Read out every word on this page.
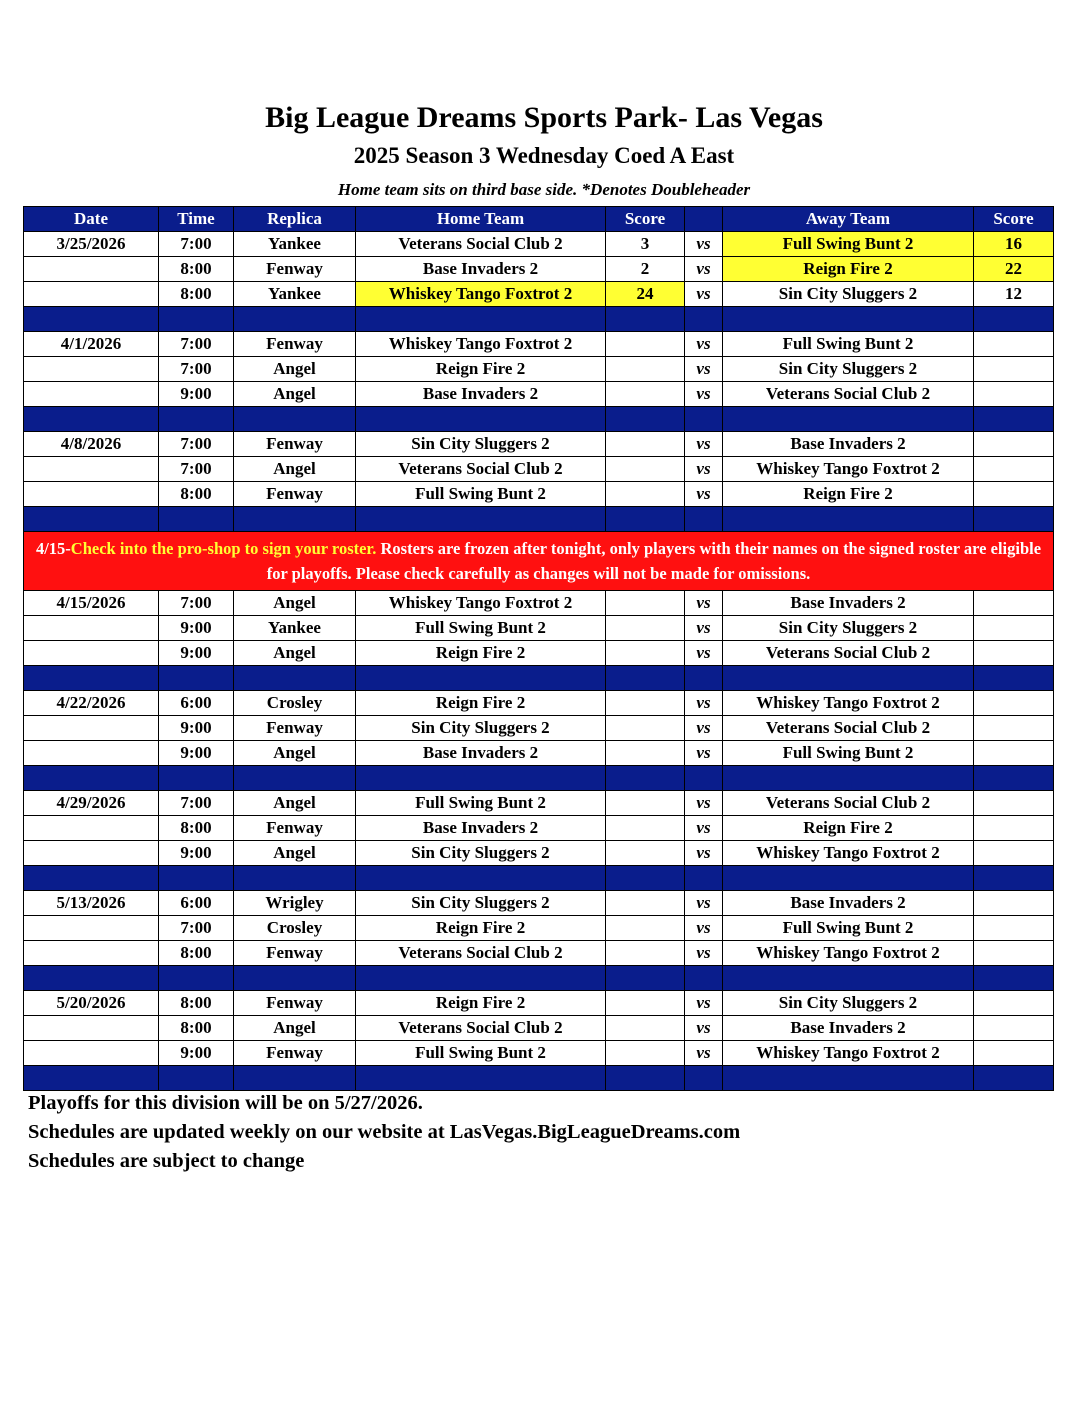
Big League Dreams Sports Park- Las Vegas
2025 Season 3 Wednesday Coed A East
Home team sits on third base side. *Denotes Doubleheader
Date	Time	Replica	Home Team	Score		Away Team	Score
3/25/2026	7:00	Yankee	Veterans Social Club 2	3	vs	Full Swing Bunt 2	16
	8:00	Fenway	Base Invaders 2	2	vs	Reign Fire 2	22
	8:00	Yankee	Whiskey Tango Foxtrot 2	24	vs	Sin City Sluggers 2	12

4/1/2026	7:00	Fenway	Whiskey Tango Foxtrot 2		vs	Full Swing Bunt 2	
	7:00	Angel	Reign Fire 2		vs	Sin City Sluggers 2	
	9:00	Angel	Base Invaders 2		vs	Veterans Social Club 2	

4/8/2026	7:00	Fenway	Sin City Sluggers 2		vs	Base Invaders 2	
	7:00	Angel	Veterans Social Club 2		vs	Whiskey Tango Foxtrot 2	
	8:00	Fenway	Full Swing Bunt 2		vs	Reign Fire 2	

4/15-Check into the pro-shop to sign your roster. Rosters are frozen after tonight, only players with their names on the signed roster are eligible for playoffs. Please check carefully as changes will not be made for omissions.							
4/15/2026	7:00	Angel	Whiskey Tango Foxtrot 2		vs	Base Invaders 2	
	9:00	Yankee	Full Swing Bunt 2		vs	Sin City Sluggers 2	
	9:00	Angel	Reign Fire 2		vs	Veterans Social Club 2	

4/22/2026	6:00	Crosley	Reign Fire 2		vs	Whiskey Tango Foxtrot 2	
	9:00	Fenway	Sin City Sluggers 2		vs	Veterans Social Club 2	
	9:00	Angel	Base Invaders 2		vs	Full Swing Bunt 2	

4/29/2026	7:00	Angel	Full Swing Bunt 2		vs	Veterans Social Club 2	
	8:00	Fenway	Base Invaders 2		vs	Reign Fire 2	
	9:00	Angel	Sin City Sluggers 2		vs	Whiskey Tango Foxtrot 2	

5/13/2026	6:00	Wrigley	Sin City Sluggers 2		vs	Base Invaders 2	
	7:00	Crosley	Reign Fire 2		vs	Full Swing Bunt 2	
	8:00	Fenway	Veterans Social Club 2		vs	Whiskey Tango Foxtrot 2	

5/20/2026	8:00	Fenway	Reign Fire 2		vs	Sin City Sluggers 2	
	8:00	Angel	Veterans Social Club 2		vs	Base Invaders 2	
	9:00	Fenway	Full Swing Bunt 2		vs	Whiskey Tango Foxtrot 2	

Playoffs for this division will be on 5/27/2026.
Schedules are updated weekly on our website at LasVegas.BigLeagueDreams.com
Schedules are subject to change
